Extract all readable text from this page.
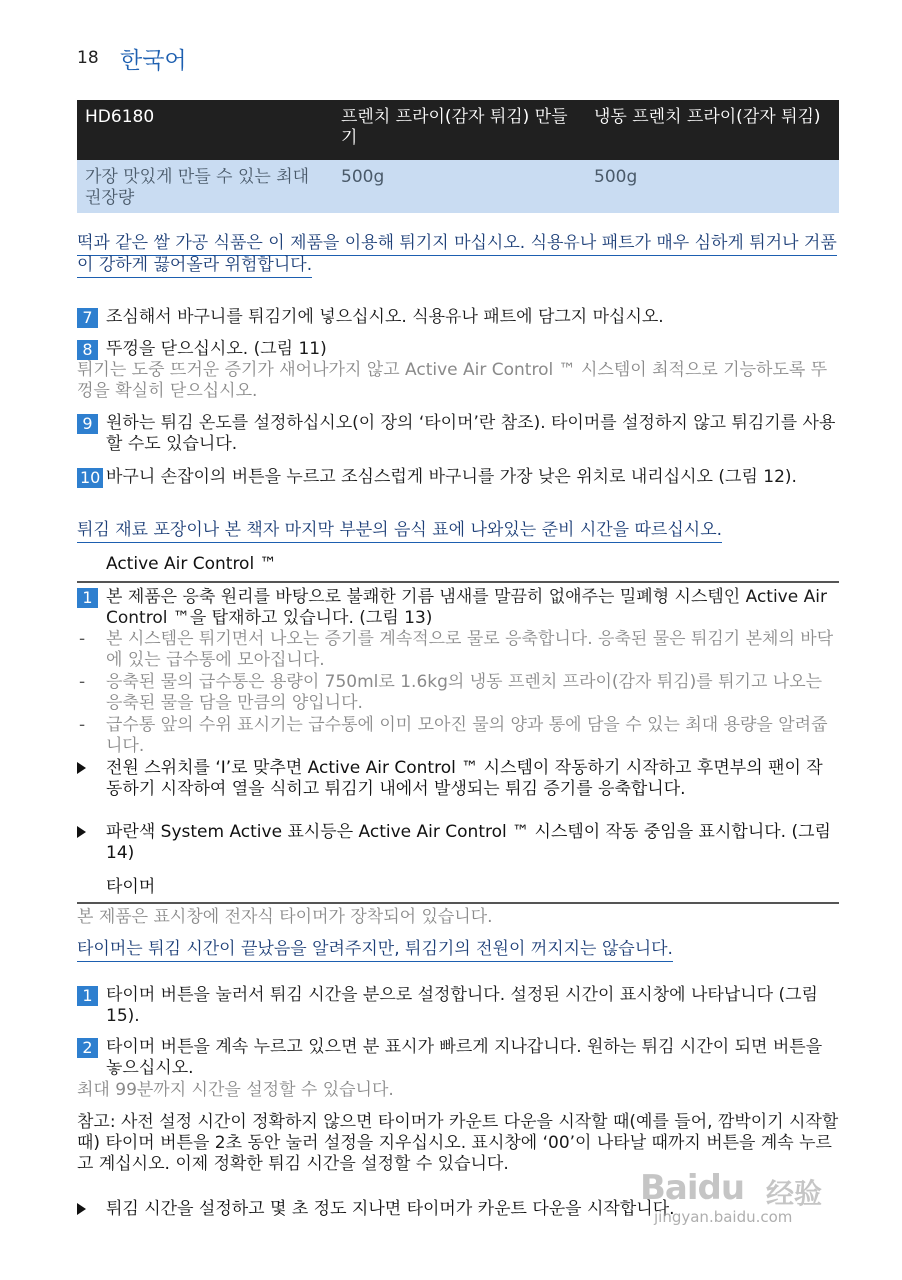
18 한국어
HD6180	프렌치 프라이(감자 튀김) 만들기	냉동 프렌치 프라이(감자 튀김)
가장 맛있게 만들 수 있는 최대 권장량	500g	500g
떡과 같은 쌀 가공 식품은 이 제품을 이용해 튀기지 마십시오. 식용유나 패트가 매우 심하게 튀거나 거품이 강하게 끓어올라 위험합니다.
7 조심해서 바구니를 튀김기에 넣으십시오. 식용유나 패트에 담그지 마십시오.
8 뚜껑을 닫으십시오. (그림 11)
튀기는 도중 뜨거운 증기가 새어나가지 않고 Active Air Control ™ 시스템이 최적으로 기능하도록 뚜껑을 확실히 닫으십시오.
9 원하는 튀김 온도를 설정하십시오(이 장의 ‘타이머’란 참조). 타이머를 설정하지 않고 튀김기를 사용할 수도 있습니다.
10 바구니 손잡이의 버튼을 누르고 조심스럽게 바구니를 가장 낮은 위치로 내리십시오 (그림 12).
튀김 재료 포장이나 본 책자 마지막 부분의 음식 표에 나와있는 준비 시간을 따르십시오.
Active Air Control ™
1 본 제품은 응축 원리를 바탕으로 불쾌한 기름 냄새를 말끔히 없애주는 밀폐형 시스템인 Active Air Control ™을 탑재하고 있습니다. (그림 13)
- 본 시스템은 튀기면서 나오는 증기를 계속적으로 물로 응축합니다. 응축된 물은 튀김기 본체의 바닥에 있는 급수통에 모아집니다.
- 응축된 물의 급수통은 용량이 750ml로 1.6kg의 냉동 프렌치 프라이(감자 튀김)를 튀기고 나오는 응축된 물을 담을 만큼의 양입니다.
- 급수통 앞의 수위 표시기는 급수통에 이미 모아진 물의 양과 통에 담을 수 있는 최대 용량을 알려줍니다.
전원 스위치를 ‘I’로 맞추면 Active Air Control ™ 시스템이 작동하기 시작하고 후면부의 팬이 작동하기 시작하여 열을 식히고 튀김기 내에서 발생되는 튀김 증기를 응축합니다.
파란색 System Active 표시등은 Active Air Control ™ 시스템이 작동 중임을 표시합니다. (그림 14)
타이머
본 제품은 표시창에 전자식 타이머가 장착되어 있습니다.
타이머는 튀김 시간이 끝났음을 알려주지만, 튀김기의 전원이 꺼지지는 않습니다.
1 타이머 버튼을 눌러서 튀김 시간을 분으로 설정합니다. 설정된 시간이 표시창에 나타납니다 (그림 15).
2 타이머 버튼을 계속 누르고 있으면 분 표시가 빠르게 지나갑니다. 원하는 튀김 시간이 되면 버튼을 놓으십시오.
최대 99분까지 시간을 설정할 수 있습니다.
참고: 사전 설정 시간이 정확하지 않으면 타이머가 카운트 다운을 시작할 때(예를 들어, 깜박이기 시작할 때) 타이머 버튼을 2초 동안 눌러 설정을 지우십시오. 표시창에 ‘00’이 나타날 때까지 버튼을 계속 누르고 계십시오. 이제 정확한 튀김 시간을 설정할 수 있습니다.
튀김 시간을 설정하고 몇 초 정도 지나면 타이머가 카운트 다운을 시작합니다.
Baidu 经验
jingyan.baidu.com
